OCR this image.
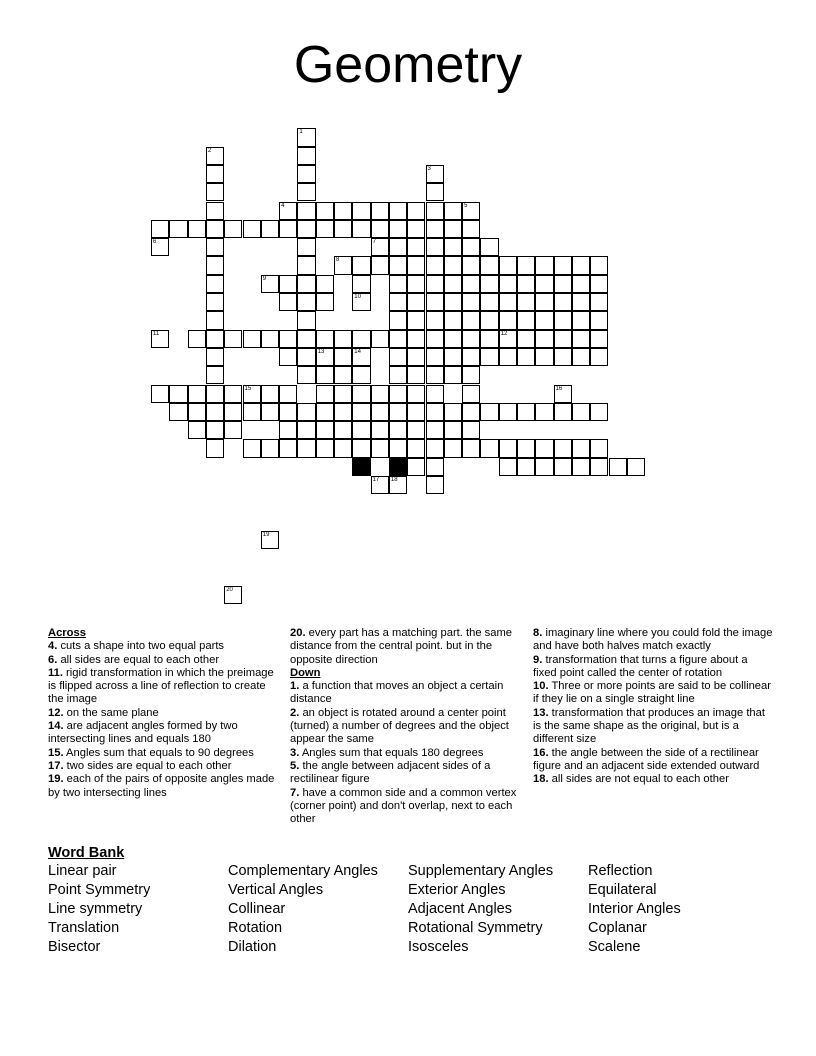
Geometry
1
2
3
5
4
7
8
10
12
13	14
15
6
9
11
16
17 18
19
20

Across

4. cuts a shape into two equal parts

6. all sides are equal to each other

11. rigid transformation in which the preimage is flipped across a line of reflection to create the image

12. on the same plane

14. are adjacent angles formed by two intersecting lines and equals 180

15. Angles sum that equals to 90 degrees

17. two sides are equal to each other

19. each of the pairs of opposite angles made by two intersecting lines

20. every part has a matching part. the same distance from the central point. but in the opposite direction

Down

1. a function that moves an object a certain distance

2. an object is rotated around a center point (turned) a number of degrees and the object appear the same

3. Angles sum that equals 180 degrees

5. the angle between adjacent sides of a rectilinear figure

7. have a common side and a common vertex (corner point) and don't overlap, next to each other

8. imaginary line where you could fold the image and have both halves match exactly

9. transformation that turns a figure about a fixed point called the center of rotation

10. Three or more points are said to be collinear if they lie on a single straight line

13. transformation that produces an image that is the same shape as the original, but is a different size

16. the angle between the side of a rectilinear figure and an adjacent side extended outward

18. all sides are not equal to each other

Word Bank
Linear pair	Complementary Angles	Supplementary Angles	Reflection
Point Symmetry	Vertical Angles	Exterior Angles	Equilateral
Line symmetry	Collinear	Adjacent Angles	Interior Angles
Translation	Rotation	Rotational Symmetry	Coplanar
Bisector	Dilation	Isosceles	Scalene
